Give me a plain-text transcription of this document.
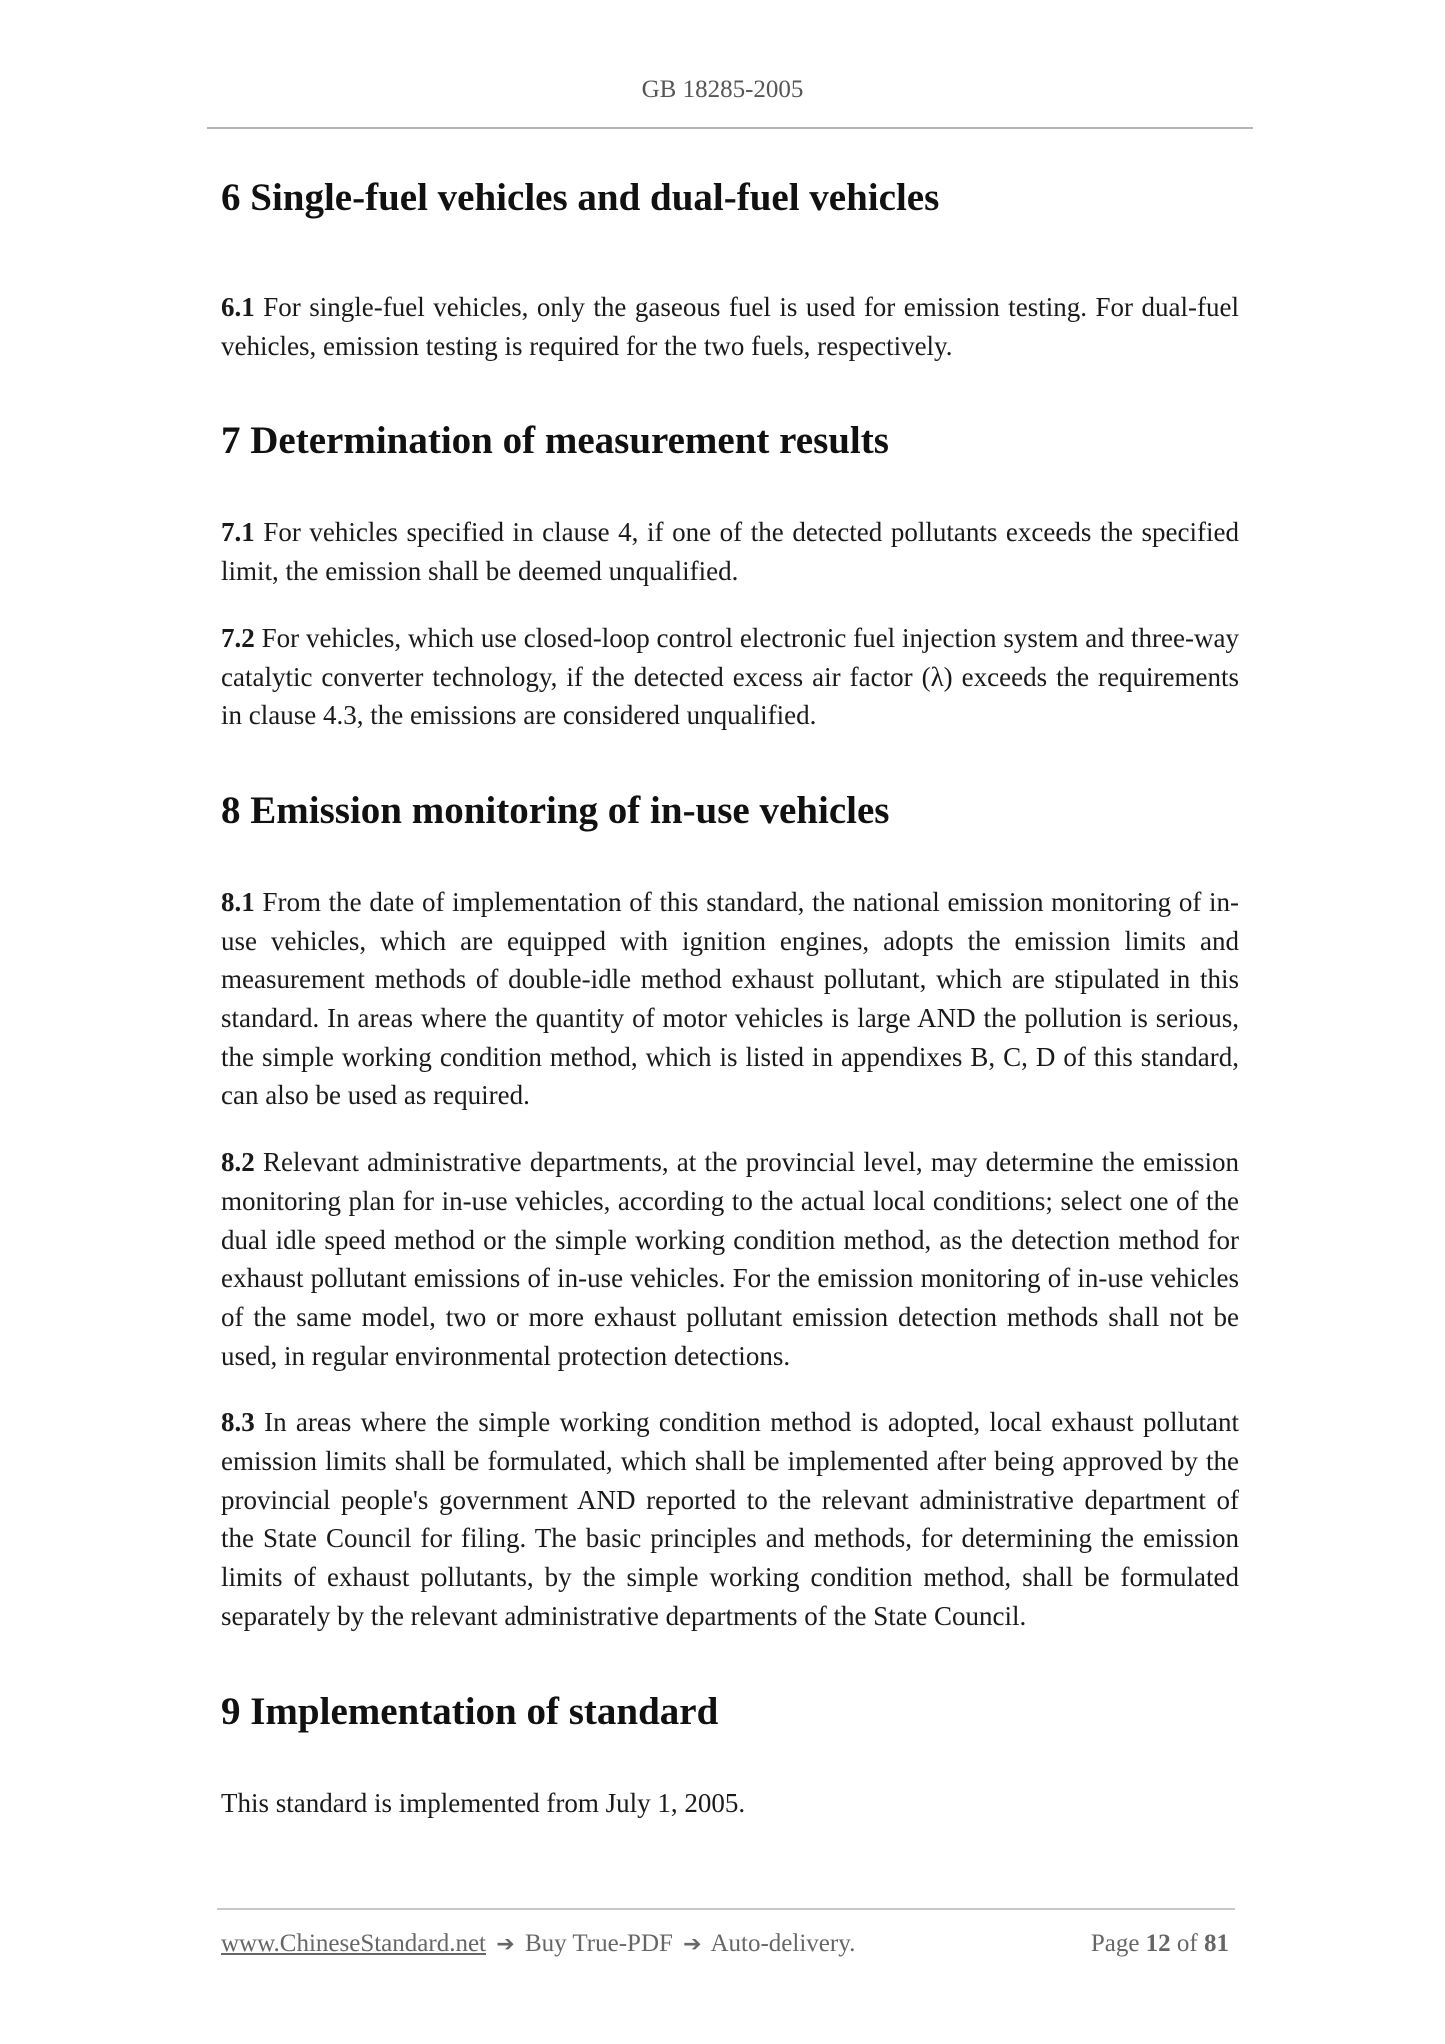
GB 18285-2005
6 Single-fuel vehicles and dual-fuel vehicles

6.1 For single-fuel vehicles, only the gaseous fuel is used for emission testing. For dual-fuel vehicles, emission testing is required for the two fuels, respectively.

7 Determination of measurement results

7.1 For vehicles specified in clause 4, if one of the detected pollutants exceeds the specified limit, the emission shall be deemed unqualified.

7.2 For vehicles, which use closed-loop control electronic fuel injection system and three-way catalytic converter technology, if the detected excess air factor (λ) exceeds the requirements in clause 4.3, the emissions are considered unqualified.

8 Emission monitoring of in-use vehicles

8.1 From the date of implementation of this standard, the national emission monitoring of in-use vehicles, which are equipped with ignition engines, adopts the emission limits and measurement methods of double-idle method exhaust pollutant, which are stipulated in this standard. In areas where the quantity of motor vehicles is large AND the pollution is serious, the simple working condition method, which is listed in appendixes B, C, D of this standard, can also be used as required.

8.2 Relevant administrative departments, at the provincial level, may determine the emission monitoring plan for in-use vehicles, according to the actual local conditions; select one of the dual idle speed method or the simple working condition method, as the detection method for exhaust pollutant emissions of in-use vehicles. For the emission monitoring of in-use vehicles of the same model, two or more exhaust pollutant emission detection methods shall not be used, in regular environmental protection detections.

8.3 In areas where the simple working condition method is adopted, local exhaust pollutant emission limits shall be formulated, which shall be implemented after being approved by the provincial people's government AND reported to the relevant administrative department of the State Council for filing. The basic principles and methods, for determining the emission limits of exhaust pollutants, by the simple working condition method, shall be formulated separately by the relevant administrative departments of the State Council.

9 Implementation of standard

This standard is implemented from July 1, 2005.

www.ChineseStandard.net ➔ Buy True-PDF ➔ Auto-delivery.	Page 12 of 81
